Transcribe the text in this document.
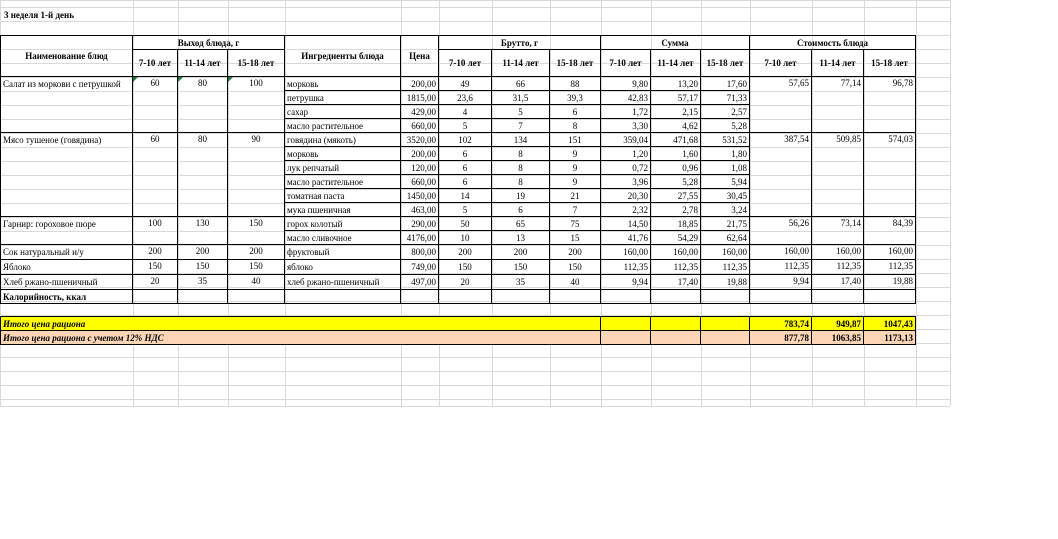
3 неделя 1-й день
Наименование блюд	Выход блюда, г			Ингредиенты блюда	Цена	Брутто, г			Сумма			Стоимость блюда		
	7-10 лет	11-14 лет	15-18 лет			7-10 лет	11-14 лет	15-18 лет	7-10 лет	11-14 лет	15-18 лет	7-10 лет	11-14 лет	15-18 лет
Салат из моркови с петрушкой	60	80	100	морковь	200,00	49	66	88	9,80	13,20	17,60	57,65	77,14	96,78
				петрушка	1815,00	23,6	31,5	39,3	42,83	57,17	71,33			
				сахар	429,00	4	5	6	1,72	2,15	2,57			
				масло растительное	660,00	5	7	8	3,30	4,62	5,28			
Мясо тушеное (говядина)	60	80	90	говядина (мякоть)	3520,00	102	134	151	359,04	471,68	531,52	387,54	509,85	574,03
				морковь	200,00	6	8	9	1,20	1,60	1,80			
				лук репчатый	120,00	6	8	9	0,72	0,96	1,08			
				масло растительное	660,00	6	8	9	3,96	5,28	5,94			
				томатная паста	1450,00	14	19	21	20,30	27,55	30,45			
				мука пшеничная	463,00	5	6	7	2,32	2,78	3,24			
Гарнир: гороховое пюре	100	130	150	горох колотый	290,00	50	65	75	14,50	18,85	21,75	56,26	73,14	84,39
				масло сливочное	4176,00	10	13	15	41,76	54,29	62,64			
Сок натуральный и/у	200	200	200	фруктовый	800,00	200	200	200	160,00	160,00	160,00	160,00	160,00	160,00
Яблоко	150	150	150	яблоко	749,00	150	150	150	112,35	112,35	112,35	112,35	112,35	112,35
Хлеб ржано-пшеничный	20	35	40	хлеб ржано-пшеничный	497,00	20	35	40	9,94	17,40	19,88	9,94	17,40	19,88
Калорийность, ккал														

Итого цена рациона												783,74	949,87	1047,43
Итого цена рациона с учетом 12% НДС												877,78	1063,85	1173,13
